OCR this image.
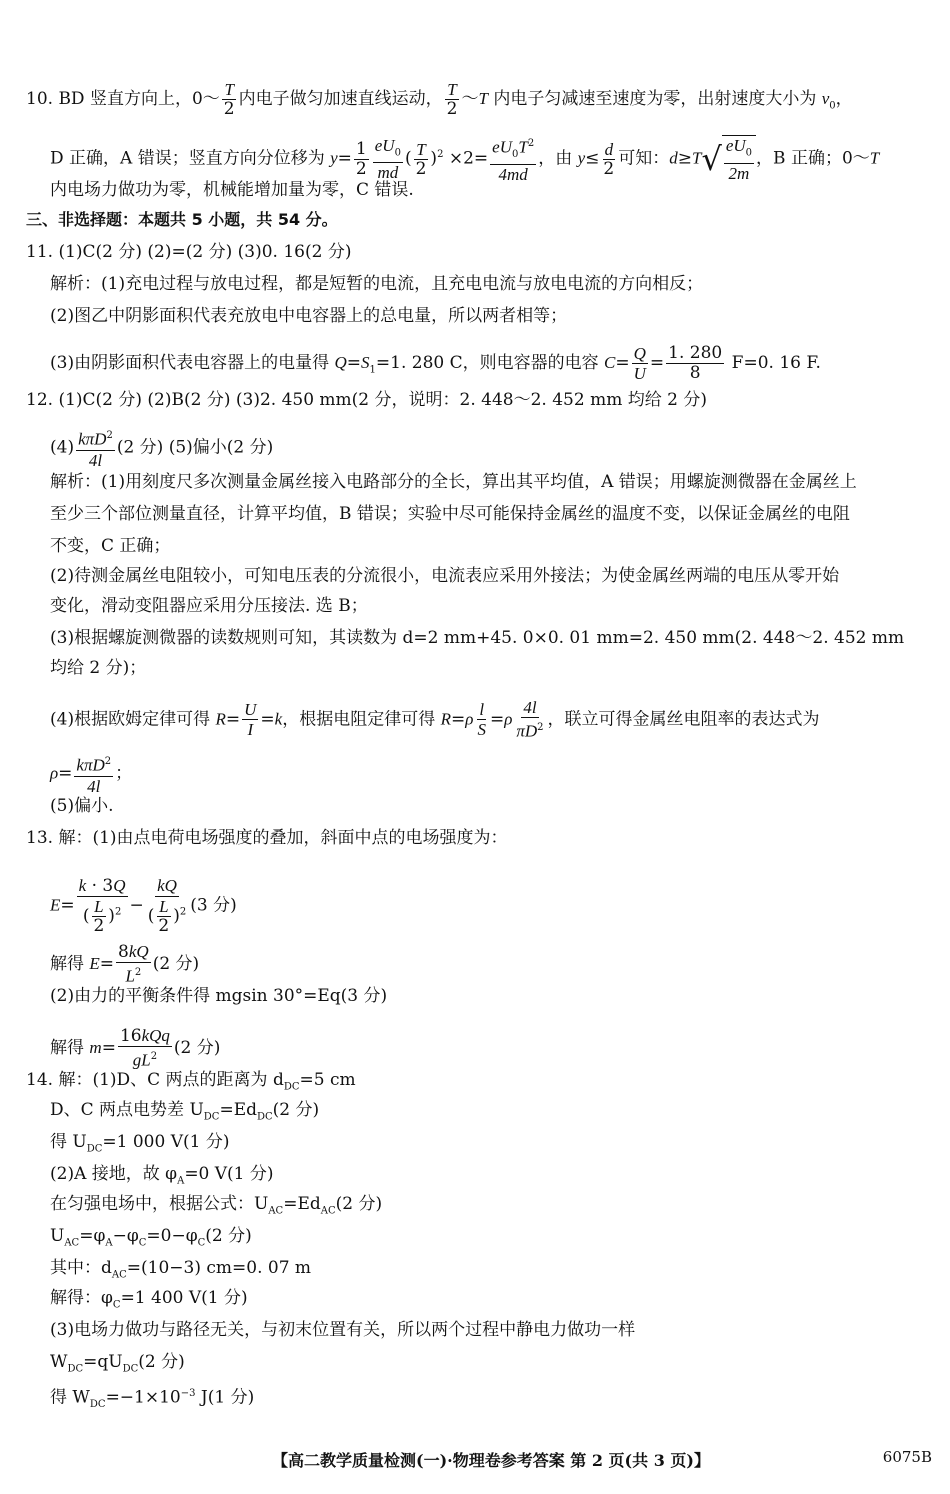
10. BD 竖直方向上，0～ $\frac{T}{2}$ 内电子做匀加速直线运动， $\frac{T}{2}$ ～T 内电子匀减速至速度为零，出射速度大小为 $v_0$，
D 正确，A 错误；竖直方向分位移为 $y= \frac{1}{2} \frac{eU_0}{md}$ ( $\frac{T}{2} )^2 \times 2= \frac{eU_0T^2}{4md}$ ，由 $y\le \frac{d}{2}$ 可知：d≥T √ $eU_0$
2m
，B 正确；0～T
内电场力做功为零，机械能增加量为零，C 错误.
三、非选择题：本题共 5 小题，共 54 分。
11. (1)C(2 分) (2)=(2 分) (3)0. 16(2 分)
解析：(1)充电过程与放电过程，都是短暂的电流，且充电电流与放电电流的方向相反；
(2)图乙中阴影面积代表充放电中电容器上的总电量，所以两者相等；
(3)由阴影面积代表电容器上的电量得 $Q=S_1=1$. 280 C，则电容器的电容 $C= \frac{Q}{U} = \frac{1. 280}{8} F=0$. 16 F.
12. (1)C(2 分) (2)B(2 分) (3)2. 450 mm(2 分，说明：2. 448～2. 452 mm 均给 2 分)
(4) kπD$^2$
4l
(2 分) (5)偏小(2 分)
解析：(1)用刻度尺多次测量金属丝接入电路部分的全长，算出其平均值，A 错误；用螺旋测微器在金属丝上
至少三个部位测量直径，计算平均值，B 错误；实验中尽可能保持金属丝的温度不变，以保证金属丝的电阻
不变，C 正确；
(2)待测金属丝电阻较小，可知电压表的分流很小，电流表应采用外接法；为使金属丝两端的电压从零开始
变化，滑动变阻器应采用分压接法. 选 B；
(3)根据螺旋测微器的读数规则可知，其读数为 d=2 mm+45. 0×0. 01 mm=2. 450 mm(2. 448～2. 452 mm
均给 2 分)；
(4)根据欧姆定律可得 $R= \frac{U}{I} =k$，根据电阻定律可得 $R=\rho \frac{l}{S} =\rho \frac{4l}{\pi D^2}$ ，联立可得金属丝电阻率的表达式为
ρ= kπD$^2$
4l
；
(5)偏小.
13. 解：(1)由点电荷电场强度的叠加，斜面中点的电场强度为：
$E= \frac{k \cdot 3Q}{( \frac{L}{2} )^2} - \frac{kQ}{( \frac{L}{2} )^2} (3$ 分)
解得 $E= \frac{8kQ}{L^2} (2$ 分)
(2)由力的平衡条件得 mgsin 30°=Eq(3 分)
解得 m=
16kQq
$gL^2$ (2 分)
14. 解：(1)D、C 两点的距离为 $d_{DC}=5$ cm
D、C 两点电势差 $U_{DC}=Ed_{DC}(2$ 分)
得 $U_{DC}=1$ 000 V(1 分)
(2)A 接地，故 $\varphi_A=0$ V(1 分)
在匀强电场中，根据公式：$U_{AC}=Ed_{AC}(2$ 分)
$U_{AC}=\varphi_A-\varphi_C=0-\varphi_C(2$ 分)
其中：$d_{AC}=(10-3)$ cm=0. 07 m
解得：$\varphi_C=1$ 400 V(1 分)
(3)电场力做功与路径无关，与初末位置有关，所以两个过程中静电力做功一样
$W_{DC}=qU_{DC}(2$ 分)
得 $W_{DC}=-1\times 10^{-3}$ J(1 分)
【高二教学质量检测(一)·物理卷参考答案 第 2 页(共 3 页)】	6075B
